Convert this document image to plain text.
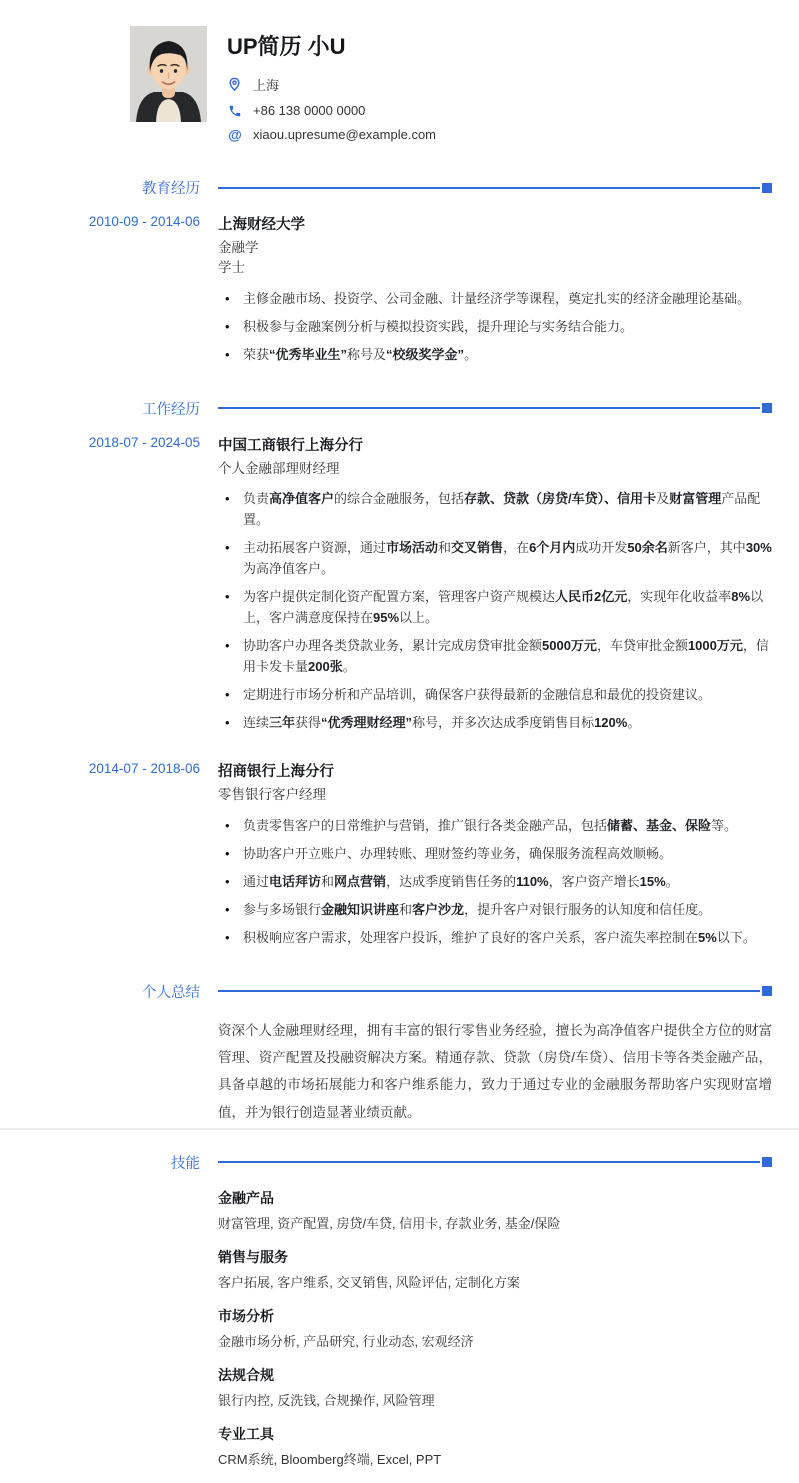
UP简历 小U
上海
+86 138 0000 0000
@ xiaou.upresume@example.com
教育经历
2010-09 - 2014-06 上海财经大学
金融学
学士
• 主修金融市场、投资学、公司金融、计量经济学等课程，奠定扎实的经济金融理论基础。
• 积极参与金融案例分析与模拟投资实践，提升理论与实务结合能力。
• 荣获“优秀毕业生”称号及“校级奖学金”。
工作经历
2018-07 - 2024-05 中国工商银行上海分行
个人金融部理财经理
• 负责高净值客户的综合金融服务，包括存款、贷款（房贷/车贷）、信用卡及财富管理产品配置。
• 主动拓展客户资源，通过市场活动和交叉销售，在6个月内成功开发50余名新客户，其中30%为高净值客户。
• 为客户提供定制化资产配置方案，管理客户资产规模达人民币2亿元，实现年化收益率8%以上，客户满意度保持在95%以上。
• 协助客户办理各类贷款业务，累计完成房贷审批金额5000万元，车贷审批金额1000万元，信用卡发卡量200张。
• 定期进行市场分析和产品培训，确保客户获得最新的金融信息和最优的投资建议。
• 连续三年获得“优秀理财经理”称号，并多次达成季度销售目标120%。
2014-07 - 2018-06 招商银行上海分行
零售银行客户经理
• 负责零售客户的日常维护与营销，推广银行各类金融产品，包括储蓄、基金、保险等。
• 协助客户开立账户、办理转账、理财签约等业务，确保服务流程高效顺畅。
• 通过电话拜访和网点营销，达成季度销售任务的110%，客户资产增长15%。
• 参与多场银行金融知识讲座和客户沙龙，提升客户对银行服务的认知度和信任度。
• 积极响应客户需求，处理客户投诉，维护了良好的客户关系，客户流失率控制在5%以下。
个人总结

资深个人金融理财经理，拥有丰富的银行零售业务经验，擅长为高净值客户提供全方位的财富管理、资产配置及投融资解决方案。精通存款、贷款（房贷/车贷）、信用卡等各类金融产品，具备卓越的市场拓展能力和客户维系能力，致力于通过专业的金融服务帮助客户实现财富增值，并为银行创造显著业绩贡献。

技能
金融产品
财富管理, 资产配置, 房贷/车贷, 信用卡, 存款业务, 基金/保险
销售与服务
客户拓展, 客户维系, 交叉销售, 风险评估, 定制化方案
市场分析
金融市场分析, 产品研究, 行业动态, 宏观经济
法规合规
银行内控, 反洗钱, 合规操作, 风险管理
专业工具
CRM系统, Bloomberg终端, Excel, PPT
